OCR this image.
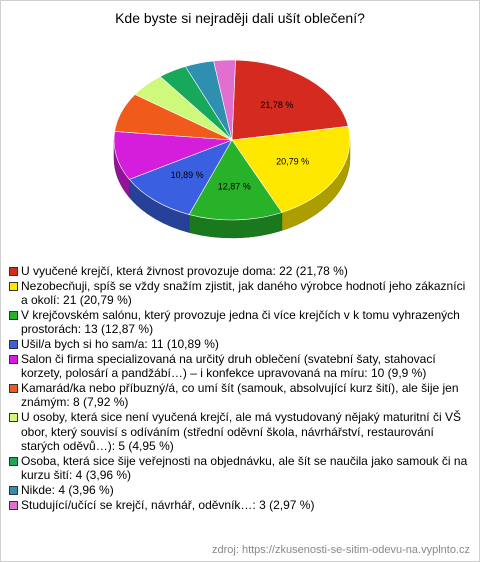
Kde byste si nejraději dali ušít oblečení?
21,78 %
20,79 %
12,87 %
10,89 %
U vyučené krejčí, která živnost provozuje doma: 22 (21,78 %)
Nezobecňuji, spíš se vždy snažím zjistit, jak daného výrobce hodnotí jeho zákazníci a okolí: 21 (20,79 %)
V krejčovském salónu, který provozuje jedna či více krejčích v k tomu vyhrazených prostorách: 13 (12,87 %)
Ušil/a bych si ho sam/a: 11 (10,89 %)
Salon či firma specializovaná na určitý druh oblečení (svatební šaty, stahovací korzety, polosárí a pandžábí…) – i konfekce upravovaná na míru: 10 (9,9 %)
Kamarád/ka nebo příbuzný/á, co umí šít (samouk, absolvující kurz šití), ale šije jen známým: 8 (7,92 %)
U osoby, která sice není vyučená krejčí, ale má vystudovaný nějaký maturitní či VŠ obor, který souvisí s odíváním (střední oděvní škola, návrhářství, restaurování starých oděvů…): 5 (4,95 %)
Osoba, která sice šije veřejnosti na objednávku, ale šít se naučila jako samouk či na kurzu šití: 4 (3,96 %)
Nikde: 4 (3,96 %)
Studující/učící se krejčí, návrhář, oděvník…: 3 (2,97 %)
zdroj: https://zkusenosti-se-sitim-odevu-na.vyplnto.cz
